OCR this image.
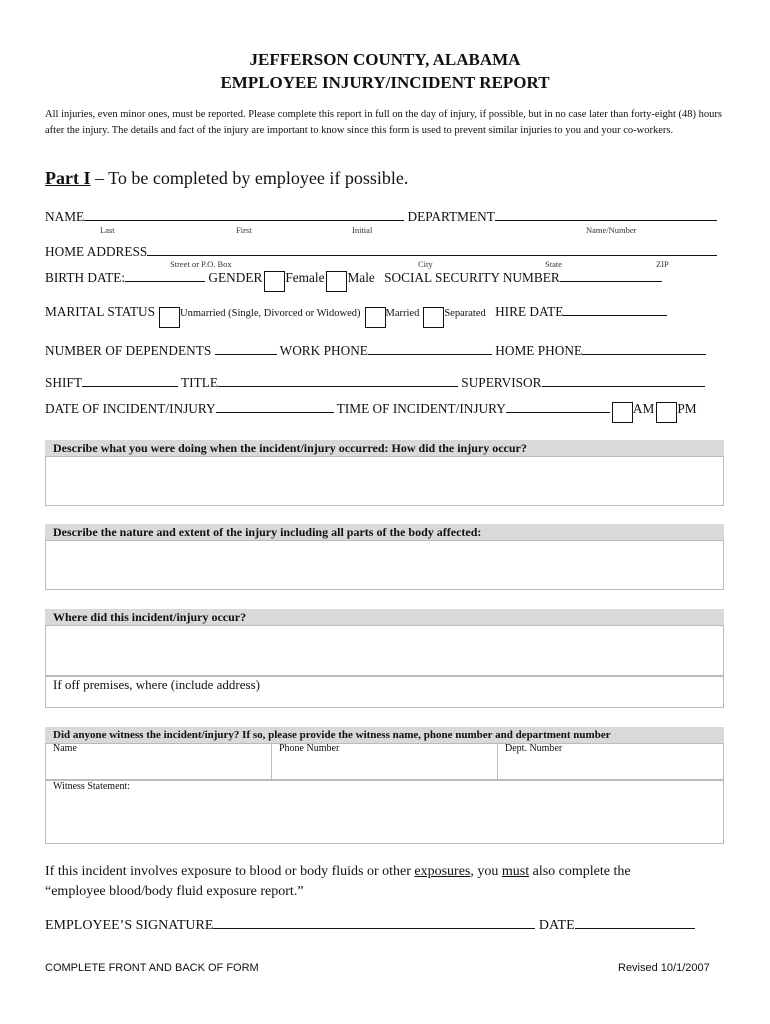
JEFFERSON COUNTY, ALABAMA
EMPLOYEE INJURY/INCIDENT REPORT
All injuries, even minor ones, must be reported. Please complete this report in full on the day of injury, if possible, but in no case later than forty-eight (48) hours after the injury. The details and fact of the injury are important to know since this form is used to prevent similar injuries to you and your co-workers.
Part I – To be completed by employee if possible.
NAME	DEPARTMENT
Last	First	Initial	Name/Number
HOME ADDRESS
Street or P.O. Box	City	State	ZIP
BIRTH DATE:	GENDER Female Male SOCIAL SECURITY NUMBER
MARITAL STATUS Unmarried (Single, Divorced or Widowed) Married Separated HIRE DATE
NUMBER OF DEPENDENTS	WORK PHONE	HOME PHONE
SHIFT	TITLE	SUPERVISOR
DATE OF INCIDENT/INJURY	TIME OF INCIDENT/INJURY	AM PM
Describe what you were doing when the incident/injury occurred: How did the injury occur?
Describe the nature and extent of the injury including all parts of the body affected:
Where did this incident/injury occur?
If off premises, where (include address)
Did anyone witness the incident/injury? If so, please provide the witness name, phone number and department number
Name	Phone Number	Dept. Number
Witness Statement:
If this incident involves exposure to blood or body fluids or other exposures, you must also complete the
“employee blood/body fluid exposure report.”
EMPLOYEE’S SIGNATURE	DATE
COMPLETE FRONT AND BACK OF FORM	Revised 10/1/2007
